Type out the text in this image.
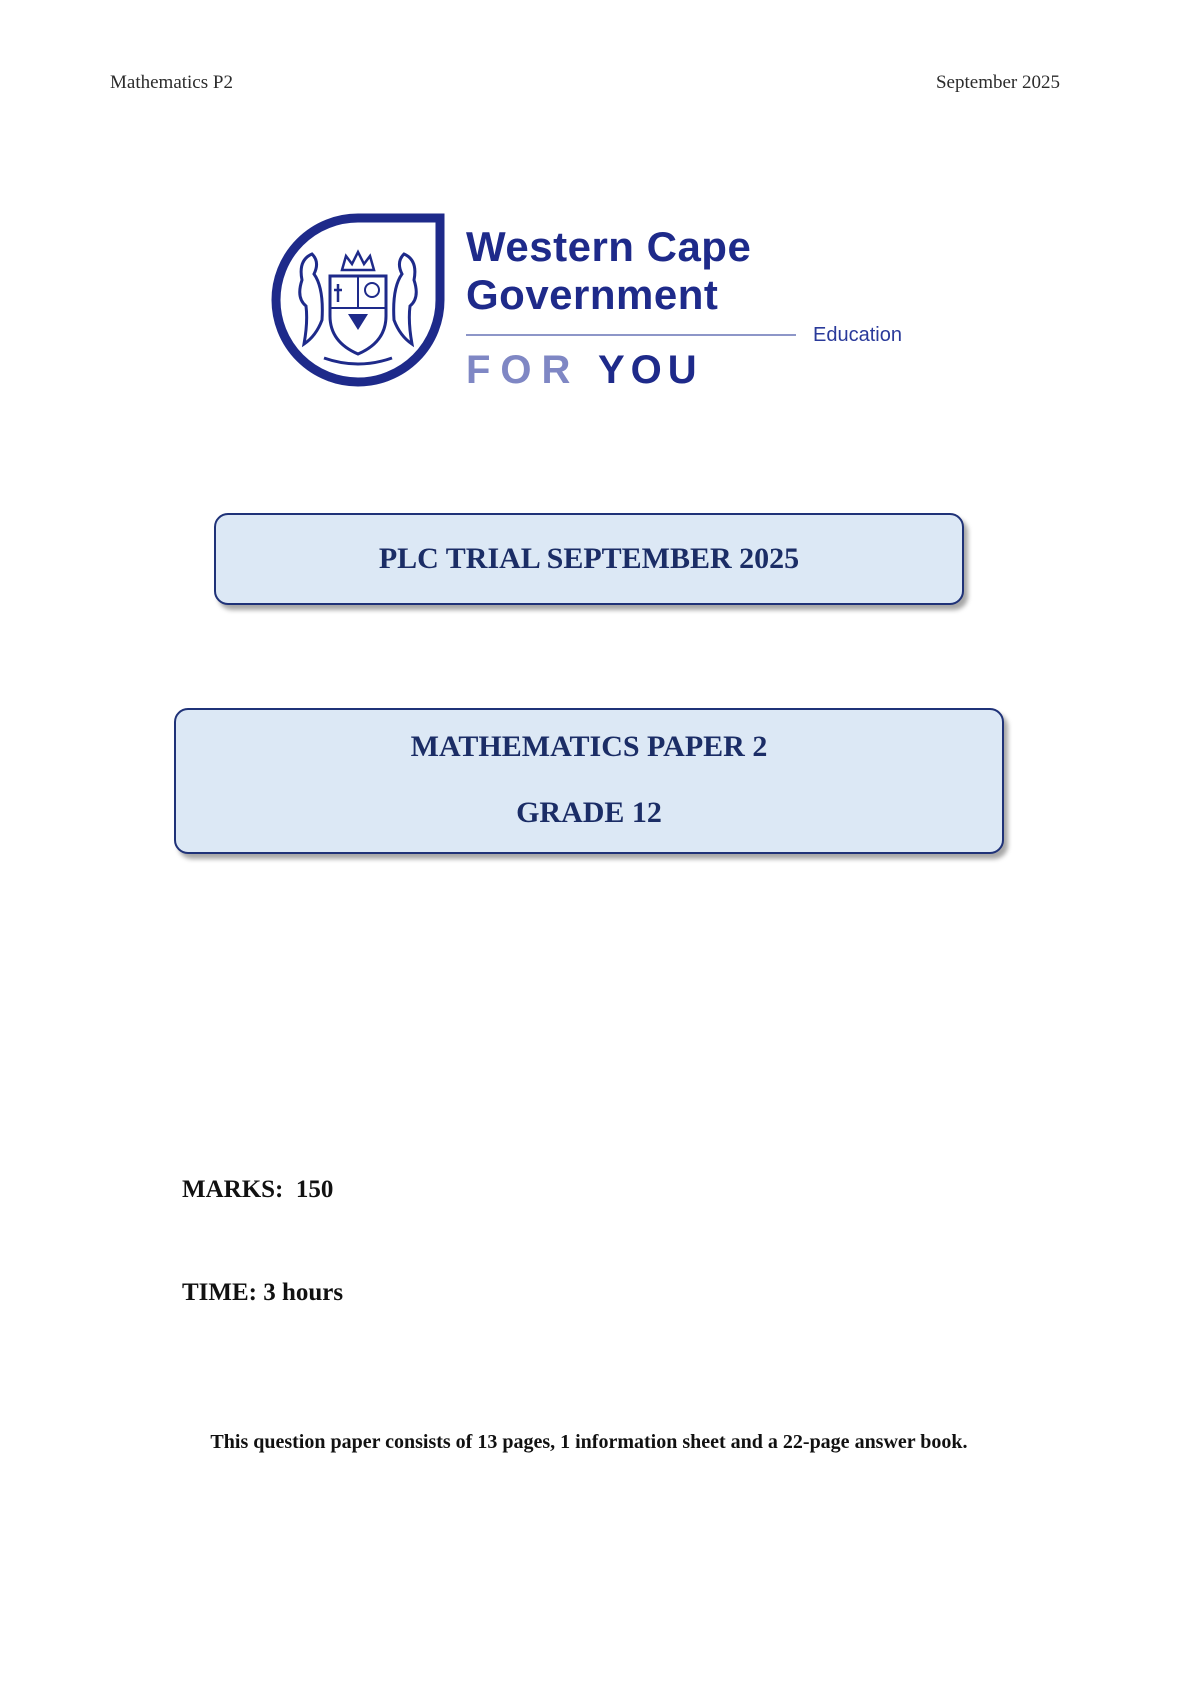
Mathematics P2	September 2025
Western Cape
Government
Education
FOR YOU
PLC TRIAL SEPTEMBER 2025
MATHEMATICS PAPER 2
GRADE 12
MARKS:  150
TIME: 3 hours
This question paper consists of 13 pages, 1 information sheet and a 22-page answer book.
